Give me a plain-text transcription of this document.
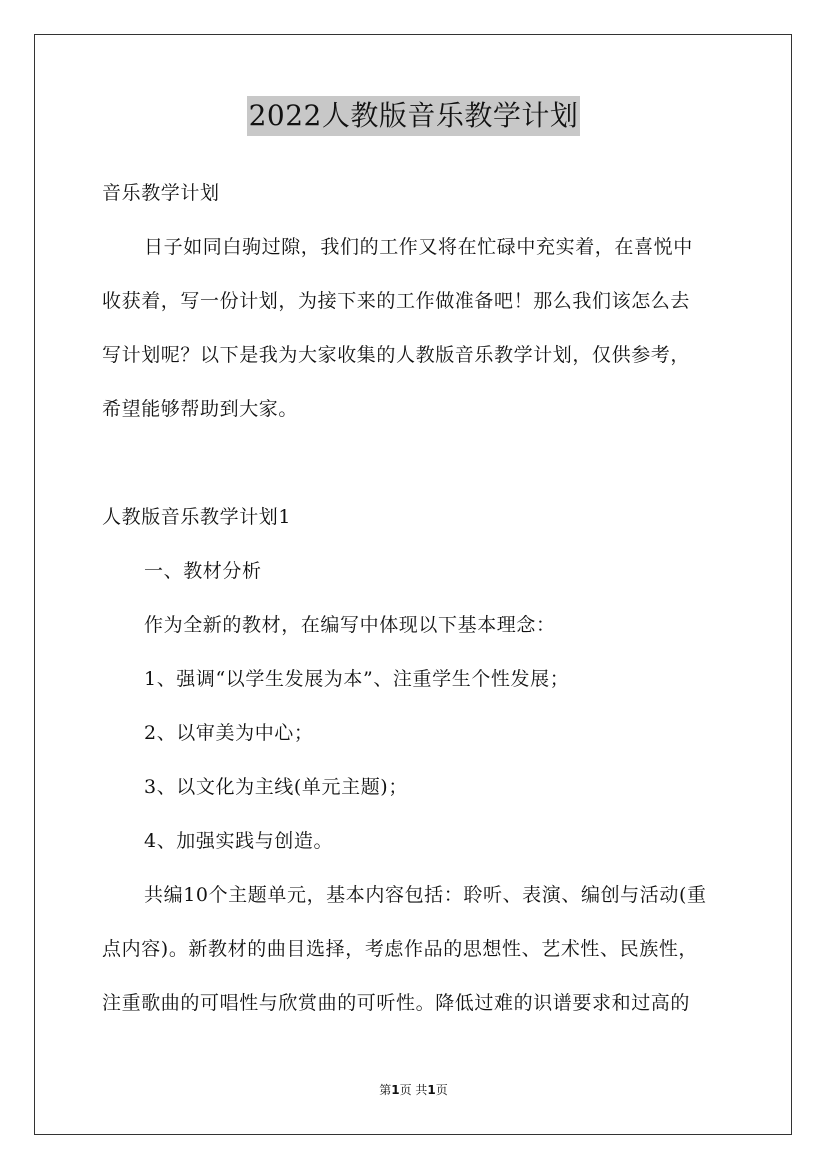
2022人教版音乐教学计划
音乐教学计划
日子如同白驹过隙，我们的工作又将在忙碌中充实着，在喜悦中
收获着，写一份计划，为接下来的工作做准备吧！那么我们该怎么去
写计划呢？以下是我为大家收集的人教版音乐教学计划，仅供参考，
希望能够帮助到大家。
人教版音乐教学计划1
一、教材分析
作为全新的教材，在编写中体现以下基本理念：
1、强调“以学生发展为本”、注重学生个性发展；
2、以审美为中心；
3、以文化为主线(单元主题)；
4、加强实践与创造。
共编10个主题单元，基本内容包括：聆听、表演、编创与活动(重
点内容)。新教材的曲目选择，考虑作品的思想性、艺术性、民族性，
注重歌曲的可唱性与欣赏曲的可听性。降低过难的识谱要求和过高的
第1页 共1页
